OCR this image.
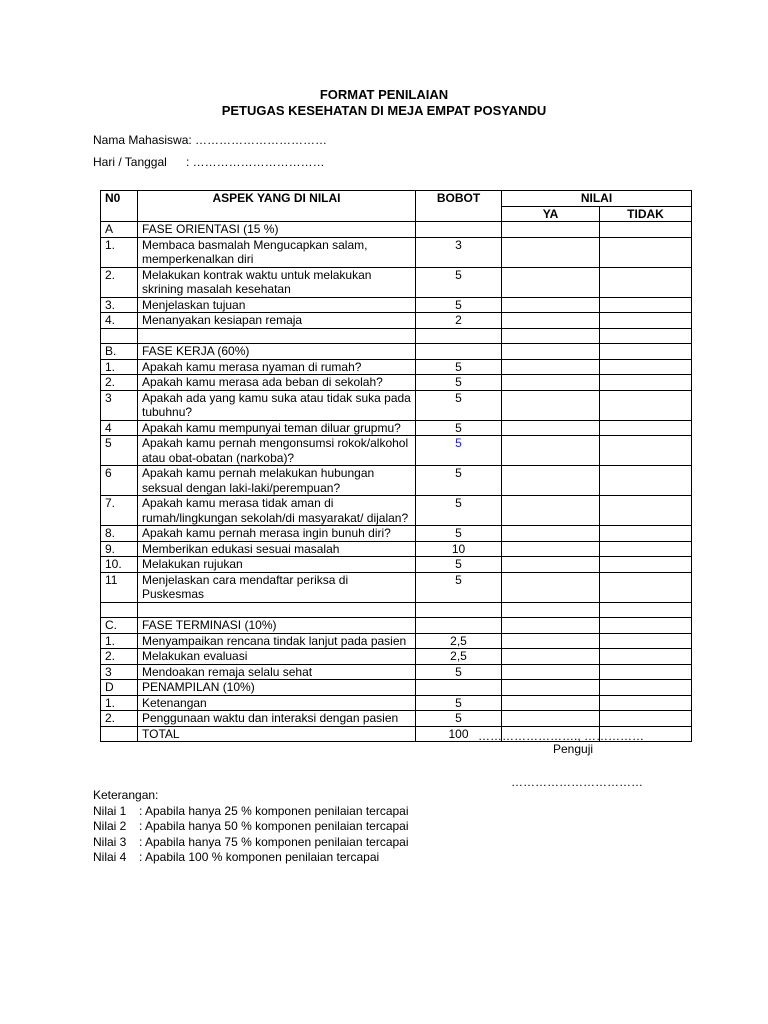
FORMAT PENILAIAN
PETUGAS KESEHATAN DI MEJA EMPAT POSYANDU
Nama Mahasiswa: ……………………………
Hari / Tanggal : ……………………………
N0	ASPEK YANG DI NILAI	BOBOT	NILAI	
			YA	TIDAK
A	FASE ORIENTASI (15 %)			
1.	Membaca basmalah Mengucapkan salam, memperkenalkan diri	3		
2.	Melakukan kontrak waktu untuk melakukan skrining masalah kesehatan	5		
3.	Menjelaskan tujuan	5		
4.	Menanyakan kesiapan remaja	2		

B.	FASE KERJA (60%)			
1.	Apakah kamu merasa nyaman di rumah?	5		
2.	Apakah kamu merasa ada beban di sekolah?	5		
3	Apakah ada yang kamu suka atau tidak suka pada tubuhnu?	5		
4	Apakah kamu mempunyai teman diluar grupmu?	5		
5	Apakah kamu pernah mengonsumsi rokok/alkohol atau obat-obatan (narkoba)?	5		
6	Apakah kamu pernah melakukan hubungan seksual dengan laki-laki/perempuan?	5		
7.	Apakah kamu merasa tidak aman di rumah/lingkungan sekolah/di masyarakat/ dijalan?	5		
8.	Apakah kamu pernah merasa ingin bunuh diri?	5		
9.	Memberikan edukasi sesuai masalah	10		
10.	Melakukan rujukan	5		
11	Menjelaskan cara mendaftar periksa di Puskesmas	5		

C.	FASE TERMINASI (10%)			
1.	Menyampaikan rencana tindak lanjut pada pasien	2,5		
2.	Melakukan evaluasi	2,5		
3	Mendoakan remaja selalu sehat	5		
D	PENAMPILAN (10%)			
1.	Ketenangan	5		
2.	Penggunaan waktu dan interaksi dengan pasien	5		
	TOTAL	100		……………………., ……………
Penguji
……………………………
Keterangan:
Nilai 1 : Apabila hanya 25 % komponen penilaian tercapai
Nilai 2 : Apabila hanya 50 % komponen penilaian tercapai
Nilai 3 : Apabila hanya 75 % komponen penilaian tercapai
Nilai 4 : Apabila 100 % komponen penilaian tercapai
